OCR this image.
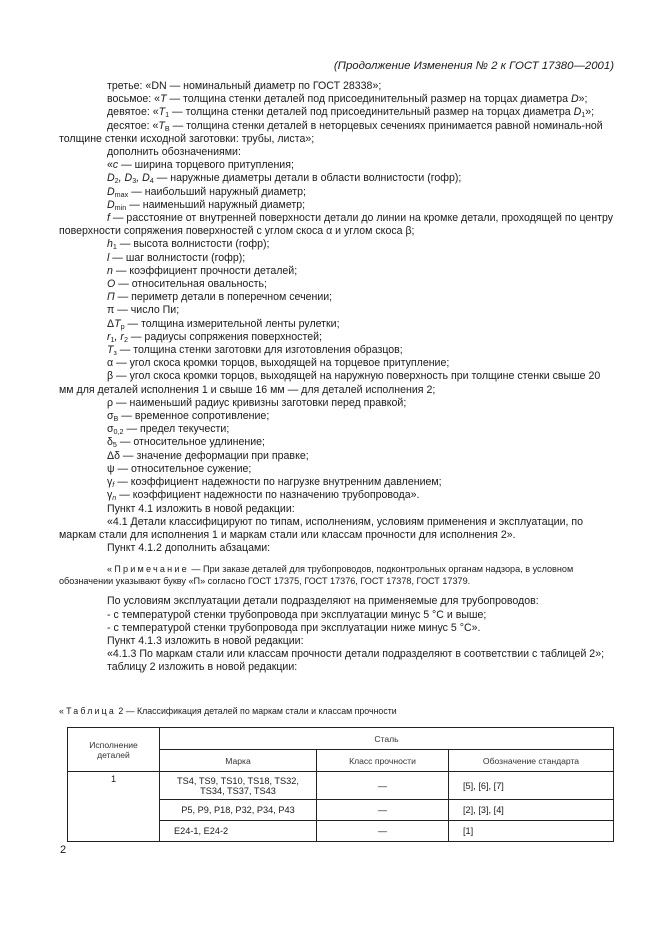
(Продолжение Изменения № 2 к ГОСТ 17380—2001)

третье: «DN — номинальный диаметр по ГОСТ 28338»;

восьмое: «T — толщина стенки деталей под присоединительный размер на торцах диаметра D»;

девятое: «$T_1$ — толщина стенки деталей под присоединительный размер на торцах диаметра $D_1$»;

десятое: «$T_В$ — толщина стенки деталей в неторцевых сечениях принимается равной номиналь-ной толщине стенки исходной заготовки: трубы, листа»;

дополнить обозначениями:

«c — ширина торцевого притупления;

$D_2$, $D_3$, $D_4$ — наружные диаметры детали в области волнистости (гофр);

$D_{max}$ — наибольший наружный диаметр;

$D_{min}$ — наименьший наружный диаметр;

f — расстояние от внутренней поверхности детали до линии на кромке детали, проходящей по центру поверхности сопряжения поверхностей с углом скоса α и углом скоса β;

$h_1$ — высота волнистости (гофр);

l — шаг волнистости (гофр);

n — коэффициент прочности деталей;

O — относительная овальность;

П — периметр детали в поперечном сечении;

π — число Пи;

$\Delta T_р$ — толщина измерительной ленты рулетки;

$r_1$, $r_2$ — радиусы сопряжения поверхностей;

$T_з$ — толщина стенки заготовки для изготовления образцов;

α — угол скоса кромки торцов, выходящей на торцевое притупление;

β — угол скоса кромки торцов, выходящей на наружную поверхность при толщине стенки свыше 20 мм для деталей исполнения 1 и свыше 16 мм — для деталей исполнения 2;

ρ — наименьший радиус кривизны заготовки перед правкой;

$\sigma_В$ — временное сопротивление;

$\sigma_{0,2}$ — предел текучести;

$\delta_5$ — относительное удлинение;

Δδ — значение деформации при правке;

ψ — относительное сужение;

$\gamma_f$ — коэффициент надежности по нагрузке внутренним давлением;

$\gamma_n$ — коэффициент надежности по назначению трубопровода».

Пункт 4.1 изложить в новой редакции:

«4.1 Детали классифицируют по типам, исполнениям, условиям применения и эксплуатации, по маркам стали для исполнения 1 и маркам стали или классам прочности для исполнения 2».

Пункт 4.1.2 дополнить абзацами:

«Примечание — При заказе деталей для трубопроводов, подконтрольных органам надзора, в условном обозначении указывают букву «П» согласно ГОСТ 17375, ГОСТ 17376, ГОСТ 17378, ГОСТ 17379.

По условиям эксплуатации детали подразделяют на применяемые для трубопроводов:

- с температурой стенки трубопровода при эксплуатации минус 5 °С и выше;

- с температурой стенки трубопровода при эксплуатации ниже минус 5 °С».

Пункт 4.1.3 изложить в новой редакции:

«4.1.3 По маркам стали или классам прочности детали подразделяют в соответствии с таблицей 2»;

таблицу 2 изложить в новой редакции:

«Таблица 2 — Классификация деталей по маркам стали и классам прочности
Исполнение деталей	Сталь		
	Марка	Класс прочности	Обозначение стандарта
1	TS4, TS9, TS10, TS18, TS32, TS34, TS37, TS43	—	[5], [6], [7]
	P5, P9, P18, P32, P34, P43	—	[2], [3], [4]
	E24-1, E24-2	—	[1]
2
